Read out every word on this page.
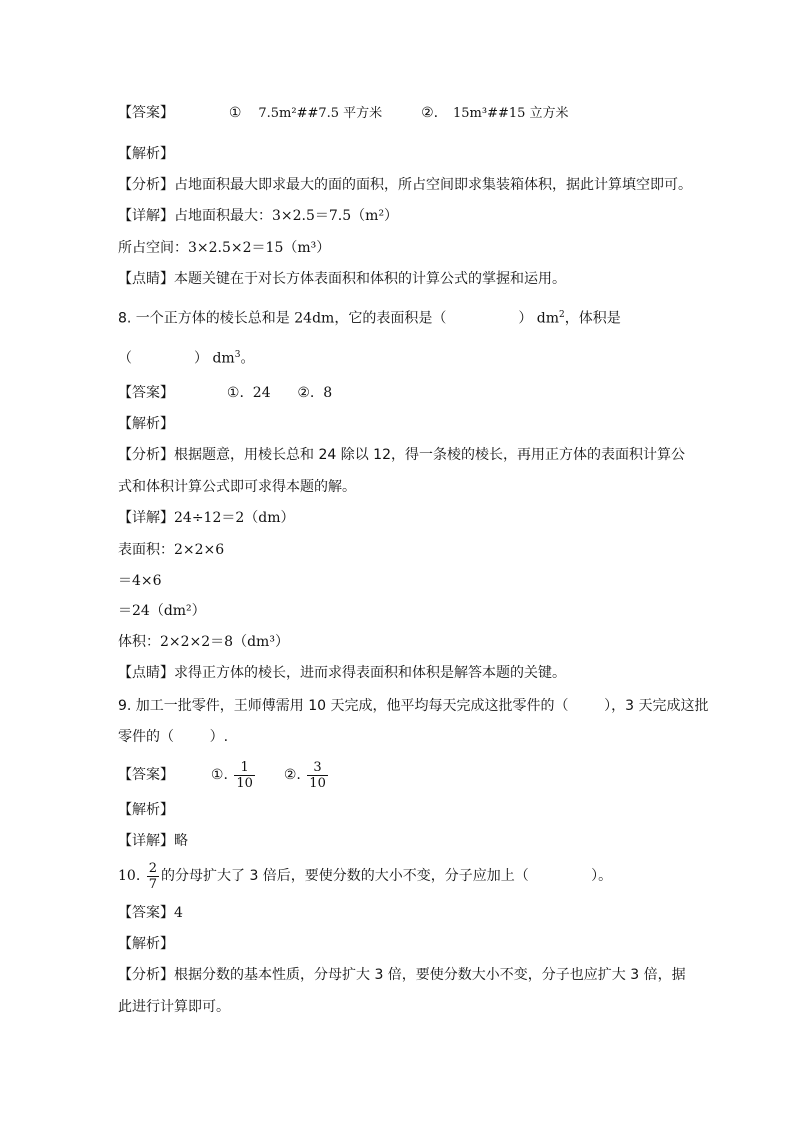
【答案】	① 7.5m²##7.5 平方米	②. 15m³##15 立方米
【解析】
【分析】占地面积最大即求最大的面的面积，所占空间即求集装箱体积，据此计算填空即可。
【详解】占地面积最大：3×2.5＝7.5（m²）
所占空间：3×2.5×2＝15（m³）
【点睛】本题关键在于对长方体表面积和体积的计算公式的掌握和运用。
8. 一个正方体的棱长总和是 24dm，它的表面积是（	） $dm^2$，体积是
（	） $dm^3$。
【答案】	①.  24      ②.  8
【解析】
【分析】根据题意，用棱长总和 24 除以 12，得一条棱的棱长，再用正方体的表面积计算公
式和体积计算公式即可求得本题的解。
【详解】24÷12＝2（dm）
表面积：2×2×6
＝4×6
＝24（dm²）
体积：2×2×2＝8（dm³）
【点睛】求得正方体的棱长，进而求得表面积和体积是解答本题的关键。
9. 加工一批零件，王师傅需用 10 天完成，他平均每天完成这批零件的（        ），3 天完成这批
零件的（        ）.
【答案】	①. $\frac{1}{10}$ ②. $\frac{3}{10}$
【解析】
【详解】略
10. $\frac{2}{7}$ 的分母扩大了 3 倍后，要使分数的大小不变，分子应加上（              ）。
【答案】4
【解析】
【分析】根据分数的基本性质，分母扩大 3 倍，要使分数大小不变，分子也应扩大 3 倍，据
此进行计算即可。
